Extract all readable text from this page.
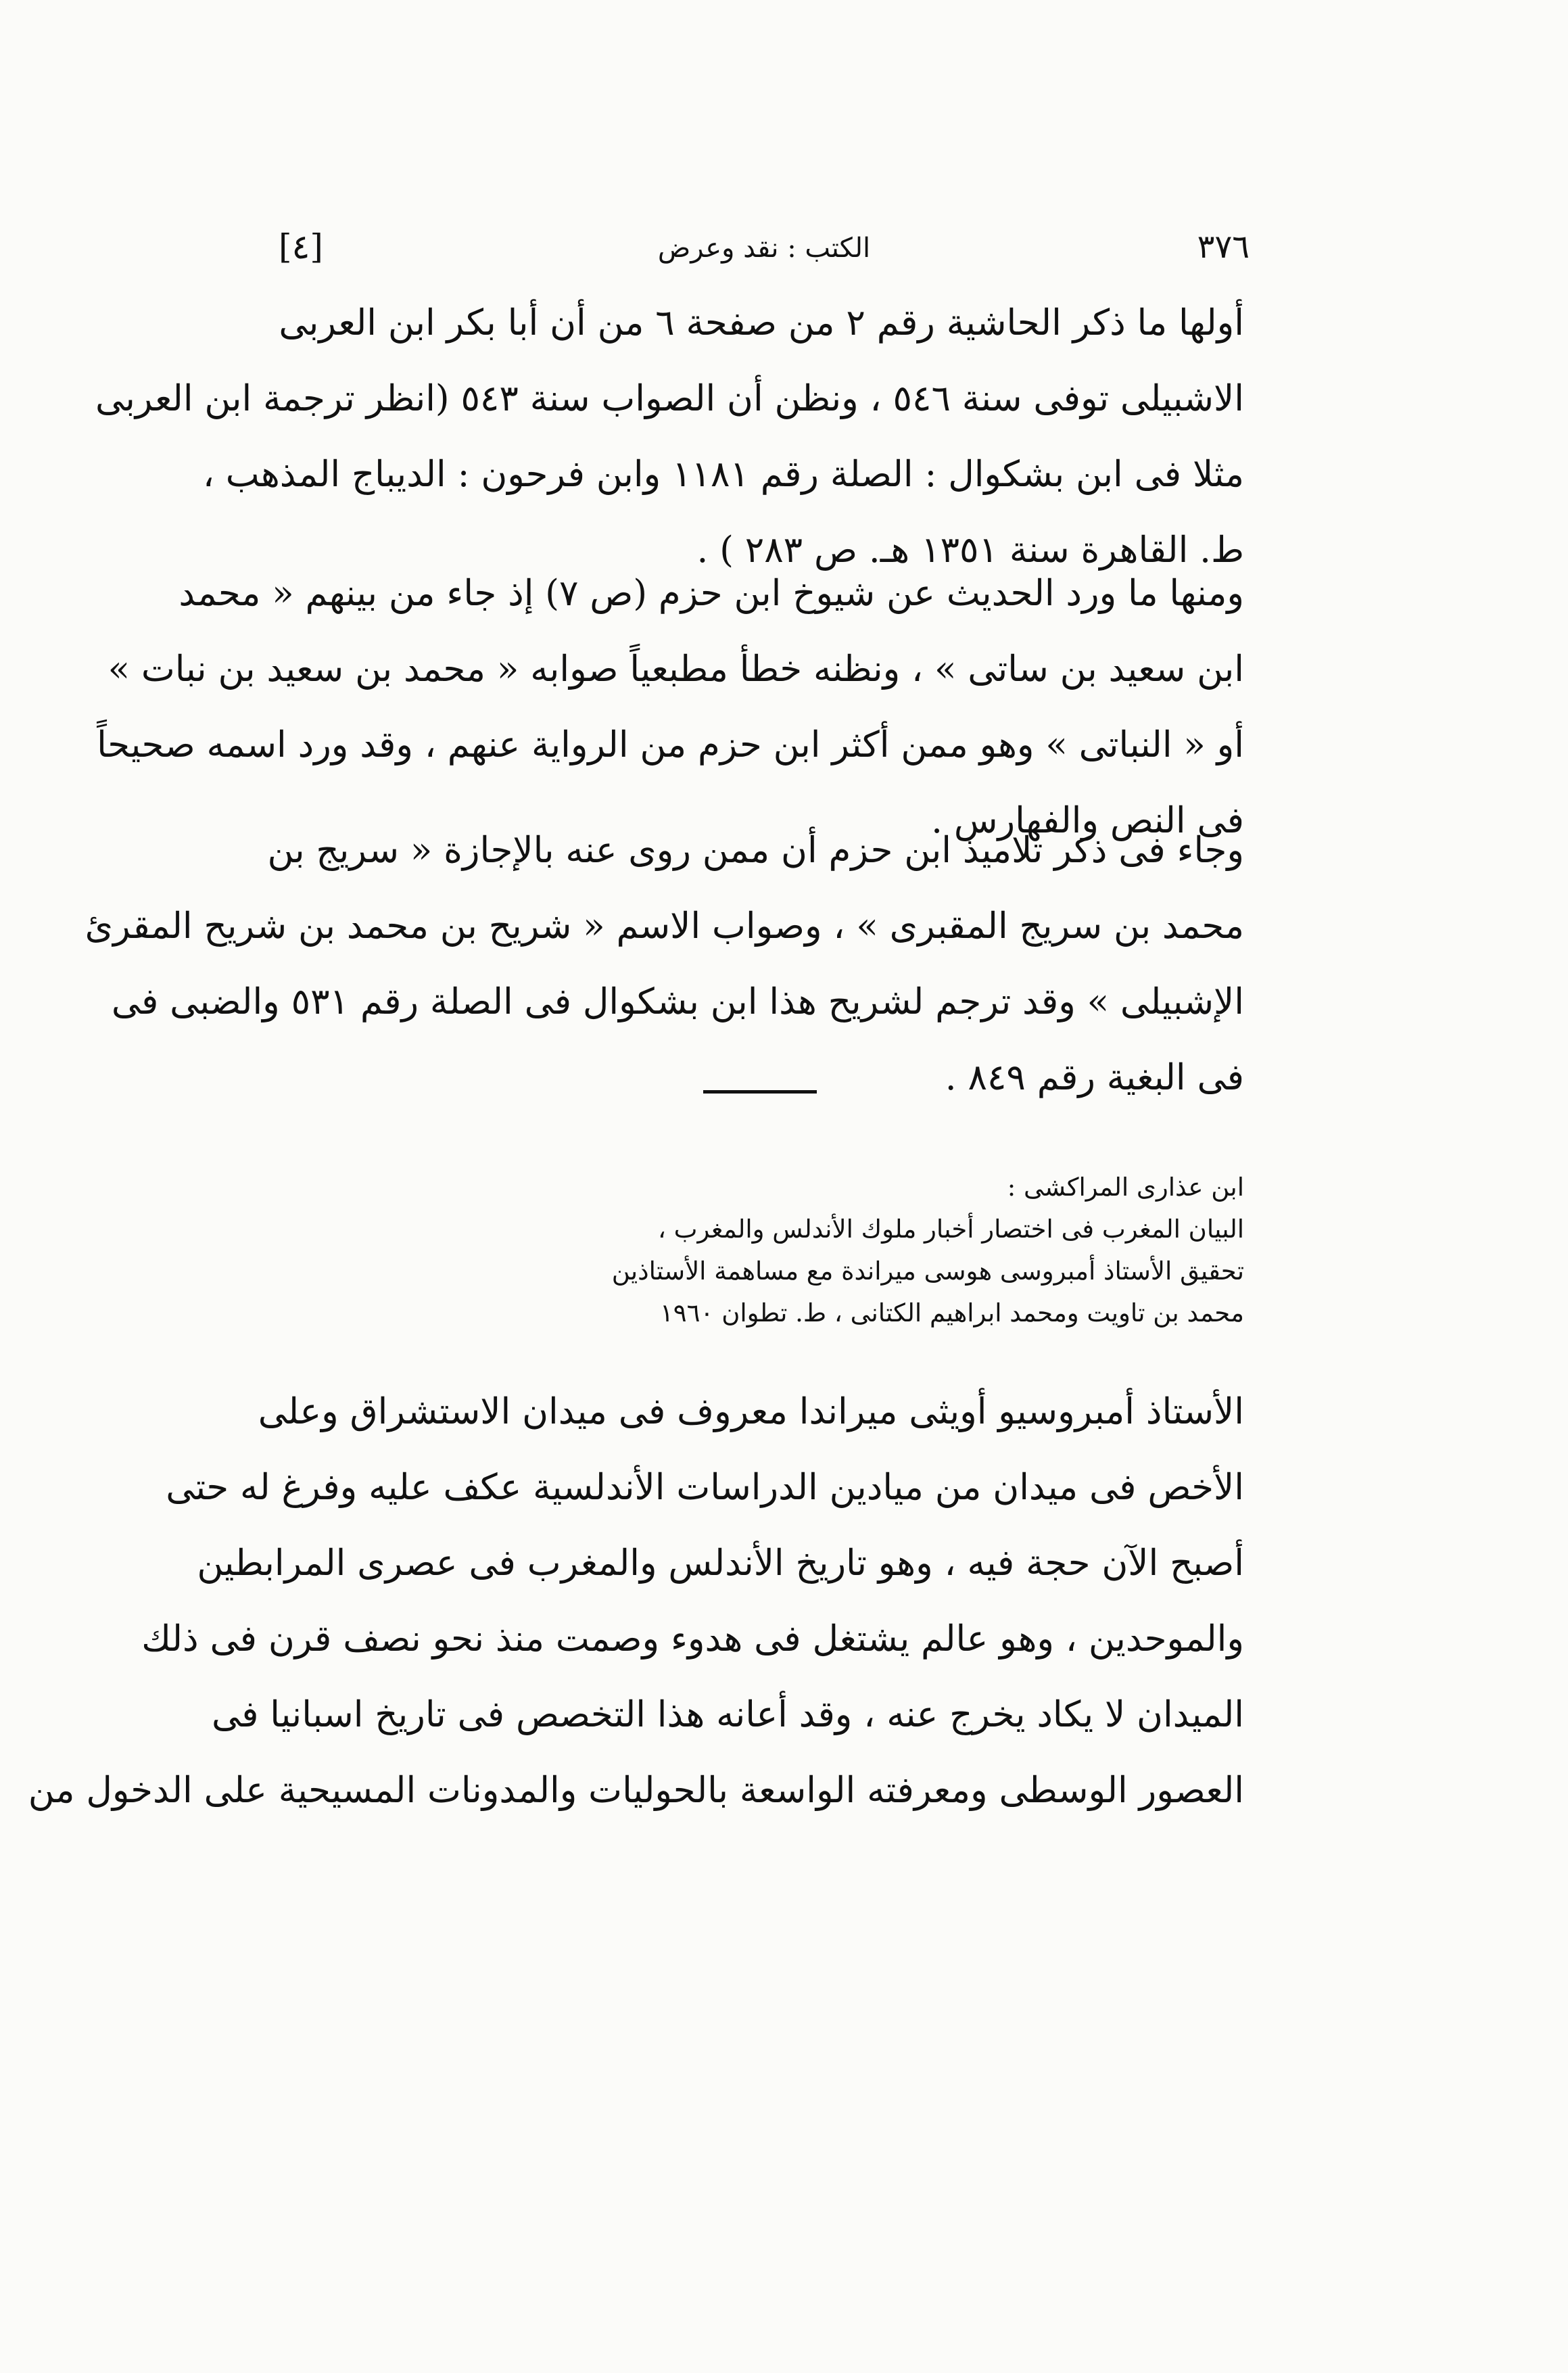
[٤]	الكتب : نقد وعرض	٣٧٦
أولها ما ذكر الحاشية رقم ٢ من صفحة ٦ من أن أبا بكر ابن العربى
الاشبيلى توفى سنة ٥٤٦ ، ونظن أن الصواب سنة ٥٤٣ (انظر ترجمة ابن العربى
مثلا فى ابن بشكوال : الصلة رقم ١١٨١ وابن فرحون : الديباج المذهب ،
ط. القاهرة سنة ١٣٥١ هـ. ص ٢٨٣ ) .
ومنها ما ورد الحديث عن شيوخ ابن حزم (ص ٧) إذ جاء من بينهم « محمد
ابن سعيد بن ساتى » ، ونظنه خطأ مطبعياً صوابه « محمد بن سعيد بن نبات »
أو « النباتى » وهو ممن أكثر ابن حزم من الرواية عنهم ، وقد ورد اسمه صحيحاً
فى النص والفهارس .
وجاء فى ذكر تلاميذ ابن حزم أن ممن روى عنه بالإجازة « سريج بن
محمد بن سريج المقبرى » ، وصواب الاسم « شريح بن محمد بن شريح المقرئ
الإشبيلى » وقد ترجم لشريح هذا ابن بشكوال فى الصلة رقم ٥٣١ والضبى فى
فى البغية رقم ٨٤٩ .
ابن عذارى المراكشى :
البيان المغرب فى اختصار أخبار ملوك الأندلس والمغرب ،
تحقيق الأستاذ أمبروسى هوسى ميراندة مع مساهمة الأستاذين
محمد بن تاويت ومحمد ابراهيم الكتانى ، ط. تطوان ١٩٦٠
الأستاذ أمبروسيو أويثى ميراندا معروف فى ميدان الاستشراق وعلى
الأخص فى ميدان من ميادين الدراسات الأندلسية عكف عليه وفرغ له حتى
أصبح الآن حجة فيه ، وهو تاريخ الأندلس والمغرب فى عصرى المرابطين
والموحدين ، وهو عالم يشتغل فى هدوء وصمت منذ نحو نصف قرن فى ذلك
الميدان لا يكاد يخرج عنه ، وقد أعانه هذا التخصص فى تاريخ اسبانيا فى
العصور الوسطى ومعرفته الواسعة بالحوليات والمدونات المسيحية على الدخول من
